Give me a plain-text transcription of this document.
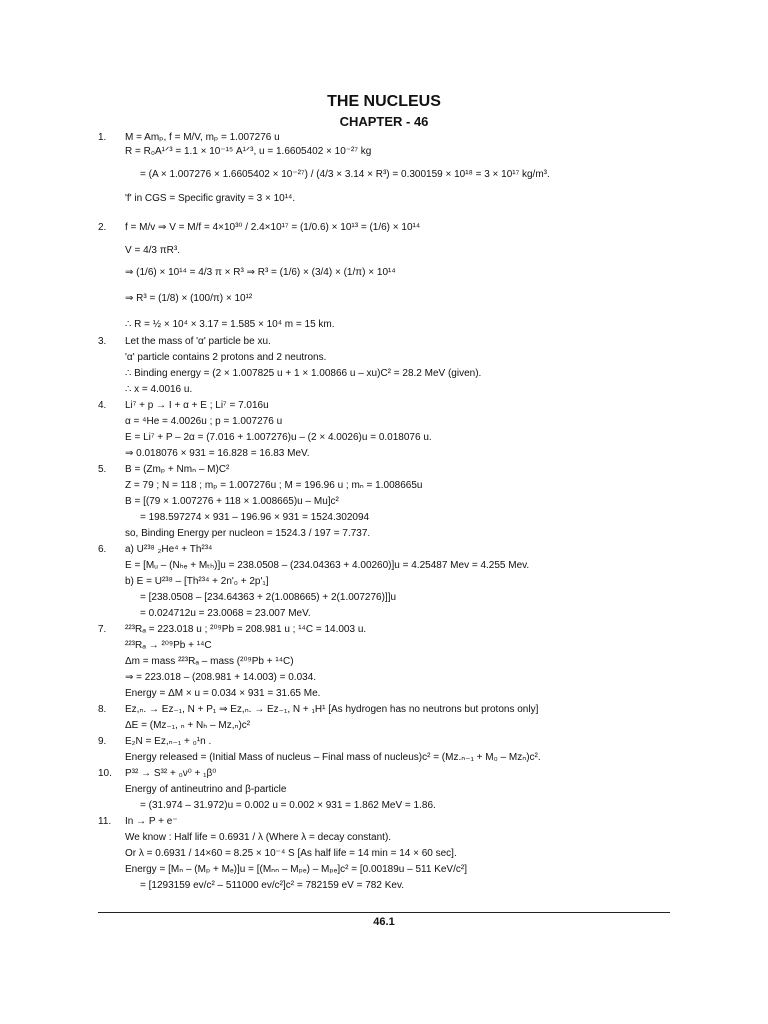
THE NUCLEUS
CHAPTER - 46
1. M = Amₚ, f = M/V, mₚ = 1.007276 u
R = R₀A¹ᐟ³ = 1.1 × 10⁻¹⁵ A¹ᐟ³, u = 1.6605402 × 10⁻²⁷ kg
= (A × 1.007276 × 1.6605402 × 10⁻²⁷) / (4/3 × 3.14 × R³) = 0.300159 × 10¹⁸ = 3 × 10¹⁷ kg/m³.
'f' in CGS = Specific gravity = 3 × 10¹⁴.
2. f = M/v ⇒ V = M/f = 4×10³⁰ / 2.4×10¹⁷ = (1/0.6) × 10¹³ = (1/6) × 10¹⁴
V = 4/3 πR³.
⇒ (1/6) × 10¹⁴ = 4/3 π × R³ ⇒ R³ = (1/6) × (3/4) × (1/π) × 10¹⁴
⇒ R³ = (1/8) × (100/π) × 10¹²
∴ R = ½ × 10⁴ × 3.17 = 1.585 × 10⁴ m = 15 km.
3. Let the mass of 'α' particle be xu.
'α' particle contains 2 protons and 2 neutrons.
∴ Binding energy = (2 × 1.007825 u + 1 × 1.00866 u – xu)C² = 28.2 MeV (given).
∴ x = 4.0016 u.
4. Li⁷ + p → I + α + E ; Li⁷ = 7.016u
α = ⁴He = 4.0026u ; p = 1.007276 u
E = Li⁷ + P – 2α = (7.016 + 1.007276)u – (2 × 4.0026)u = 0.018076 u.
⇒ 0.018076 × 931 = 16.828 = 16.83 MeV.
5. B = (Zmₚ + Nmₙ – M)C²
Z = 79 ; N = 118 ; mₚ = 1.007276u ; M = 196.96 u ; mₙ = 1.008665u
B = [(79 × 1.007276 + 118 × 1.008665)u – Mu]c²
= 198.597274 × 931 – 196.96 × 931 = 1524.302094
so, Binding Energy per nucleon = 1524.3 / 197 = 7.737.
6. a) U²³⁸ ₂He⁴ + Th²³⁴
E = [Mᵤ – (Nₕₑ + Mₜₕ)]u = 238.0508 – (234.04363 + 4.00260)]u = 4.25487 Mev = 4.255 Mev.
b) E = U²³⁸ – [Th²³⁴ + 2n'₀ + 2p'₁]
= [238.0508 – [234.64363 + 2(1.008665) + 2(1.007276)]]u
= 0.024712u = 23.0068 = 23.007 MeV.
7. ²²³Rₐ = 223.018 u ; ²⁰⁹Pb = 208.981 u ; ¹⁴C = 14.003 u.
²²³Rₐ → ²⁰⁹Pb + ¹⁴C
Δm = mass ²²³Rₐ – mass (²⁰⁹Pb + ¹⁴C)
⇒ = 223.018 – (208.981 + 14.003) = 0.034.
Energy = ΔM × u = 0.034 × 931 = 31.65 Me.
8. Eᴢ,ₙ. → Eᴢ₋₁, N + P₁ ⇒ Eᴢ,ₙ. → Eᴢ₋₁, N + ₁H¹ [As hydrogen has no neutrons but protons only]
ΔE = (Mᴢ₋₁, ₙ + Nₕ – Mᴢ,ₙ)c²
9. E₂N = Eᴢ,ₙ₋₁ + ₀¹n .
Energy released = (Initial Mass of nucleus – Final mass of nucleus)c² = (Mᴢ.ₙ₋₁ + M₀ – Mᴢₙ)c².
10. P³² → S³² + ₀ν⁰ + ₁β⁰
Energy of antineutrino and β-particle
= (31.974 – 31.972)u = 0.002 u = 0.002 × 931 = 1.862 MeV = 1.86.
11. In → P + e⁻
We know : Half life = 0.6931 / λ (Where λ = decay constant).
Or λ = 0.6931 / 14×60 = 8.25 × 10⁻⁴ S [As half life = 14 min = 14 × 60 sec].
Energy = [Mₙ – (Mₚ + Mₑ)]u = [(Mₙₙ – Mₚₑ) – Mₚₑ]c² = [0.00189u – 511 KeV/c²]
= [1293159 ev/c² – 511000 ev/c²]c² = 782159 eV = 782 Kev.
46.1
